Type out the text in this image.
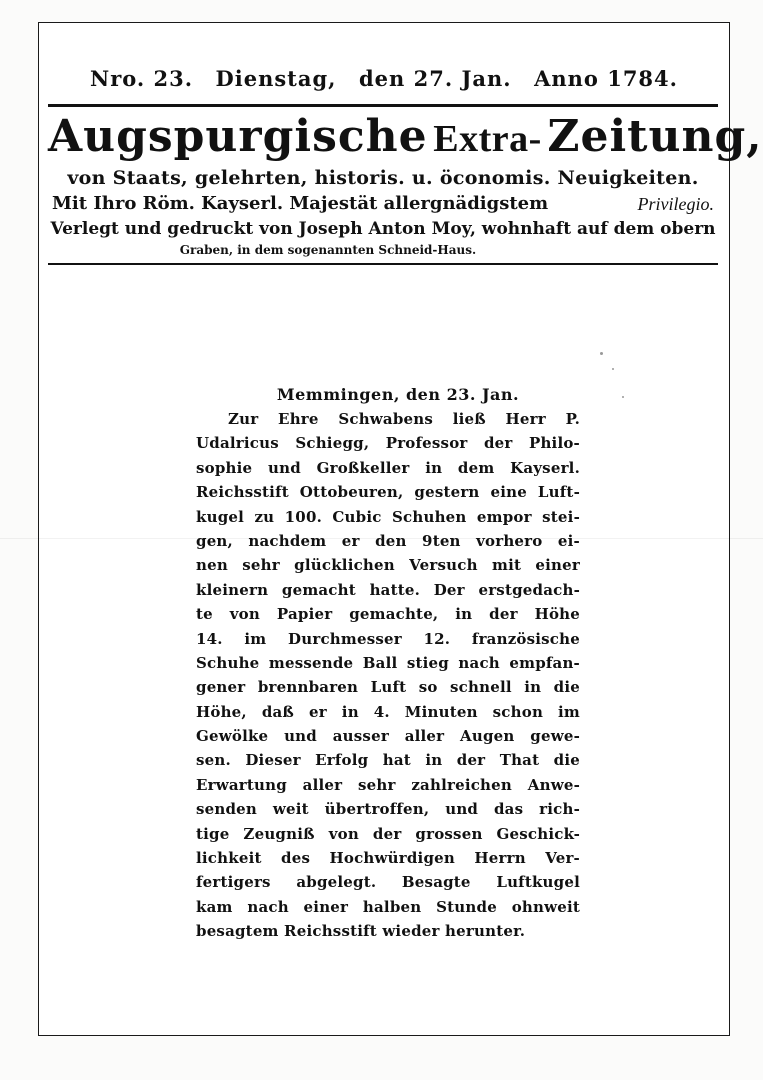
Nro. 23. Dienstag, den 27. Jan. Anno 1784.
Augspurgische Extra- Zeitung,
von Staats, gelehrten, historis. u. öconomis. Neuigkeiten.
Mit Ihro Röm. Kayserl. Majestät allergnädigstem	Privilegio.
Verlegt und gedruckt von Joseph Anton Moy, wohnhaft auf dem obern
Graben, in dem sogenannten Schneid-Haus.
Memmingen, den 23. Jan.
Zur Ehre Schwabens ließ Herr P.
Udalricus Schiegg, Professor der Philo-
sophie und Großkeller in dem Kayserl.
Reichsstift Ottobeuren, gestern eine Luft-
kugel zu 100. Cubic Schuhen empor stei-
gen, nachdem er den 9ten vorhero ei-
nen sehr glücklichen Versuch mit einer
kleinern gemacht hatte. Der erstgedach-
te von Papier gemachte, in der Höhe
14. im Durchmesser 12. französische
Schuhe messende Ball stieg nach empfan-
gener brennbaren Luft so schnell in die
Höhe, daß er in 4. Minuten schon im
Gewölke und ausser aller Augen gewe-
sen. Dieser Erfolg hat in der That die
Erwartung aller sehr zahlreichen Anwe-
senden weit übertroffen, und das rich-
tige Zeugniß von der grossen Geschick-
lichkeit des Hochwürdigen Herrn Ver-
fertigers abgelegt. Besagte Luftkugel
kam nach einer halben Stunde ohnweit
besagtem Reichsstift wieder herunter.
